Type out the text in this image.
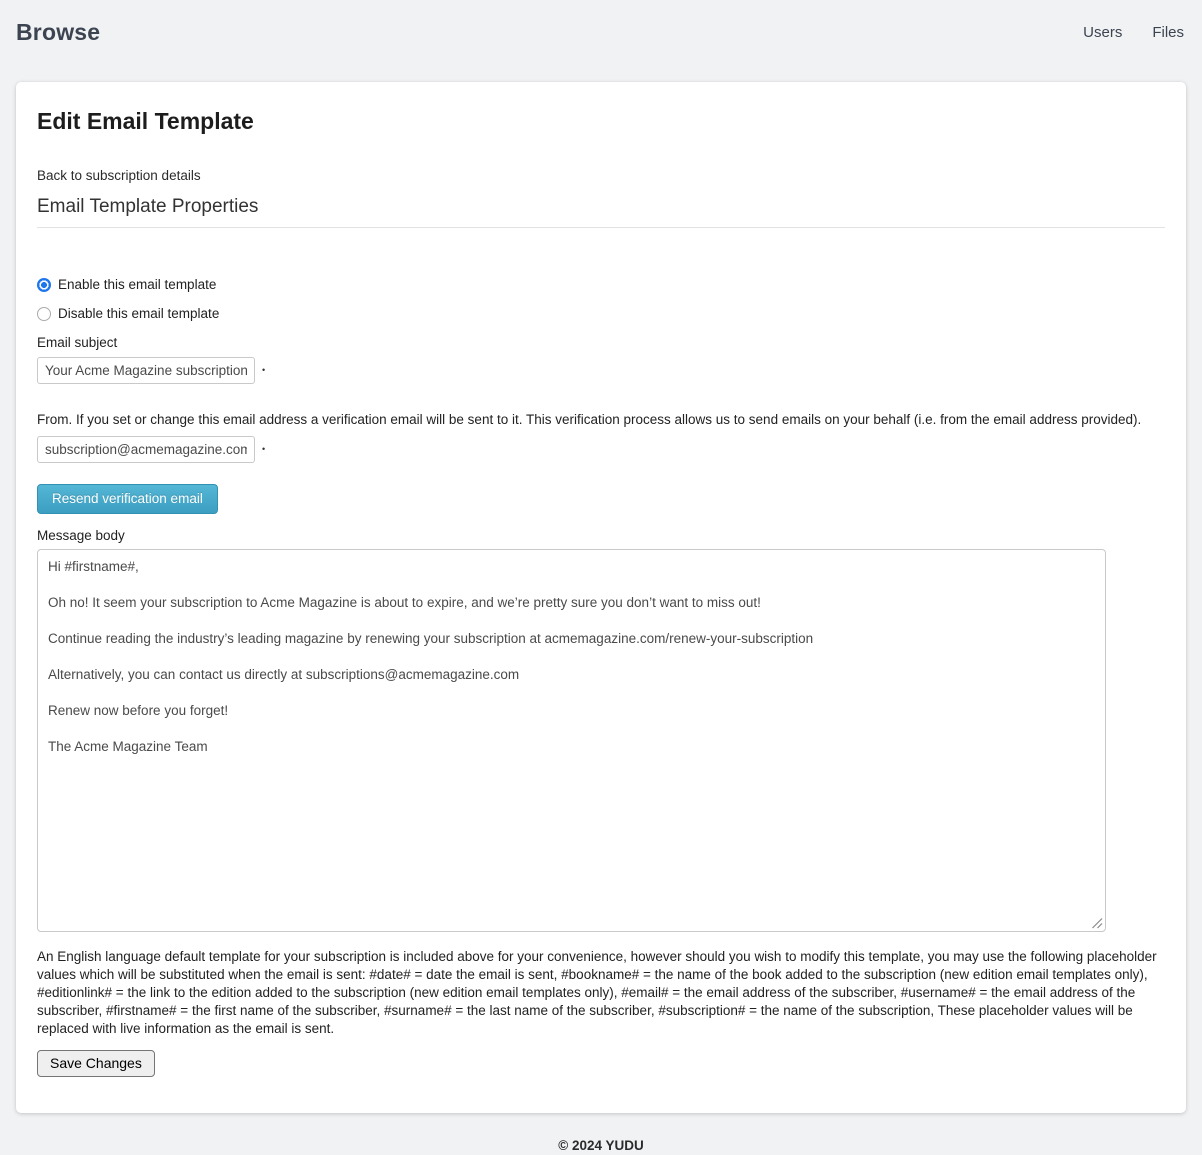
Browse	Users Files
Edit Email Template
Back to subscription details
Email Template Properties
Enable this email template
Disable this email template
Email subject
Your Acme Magazine subscription is about to expire
•
From. If you set or change this email address a verification email will be sent to it. This verification process allows us to send emails on your behalf (i.e. from the email address provided).
subscription@acmemagazine.com
•
Resend verification email
Message body
Hi #firstname#, Oh no! It seem your subscription to Acme Magazine is about to expire, and we’re pretty sure you don’t want to miss out! Continue reading the industry’s leading magazine by renewing your subscription at acmemagazine.com/renew-your-subscription Alternatively, you can contact us directly at subscriptions@acmemagazine.com Renew now before you forget! The Acme Magazine Team
An English language default template for your subscription is included above for your convenience, however should you wish to modify this template, you may use the following placeholder values which will be substituted when the email is sent: #date# = date the email is sent, #bookname# = the name of the book added to the subscription (new edition email templates only), #editionlink# = the link to the edition added to the subscription (new edition email templates only), #email# = the email address of the subscriber, #username# = the email address of the subscriber, #firstname# = the first name of the subscriber, #surname# = the last name of the subscriber, #subscription# = the name of the subscription, These placeholder values will be replaced with live information as the email is sent.
Save Changes
© 2024 YUDU
